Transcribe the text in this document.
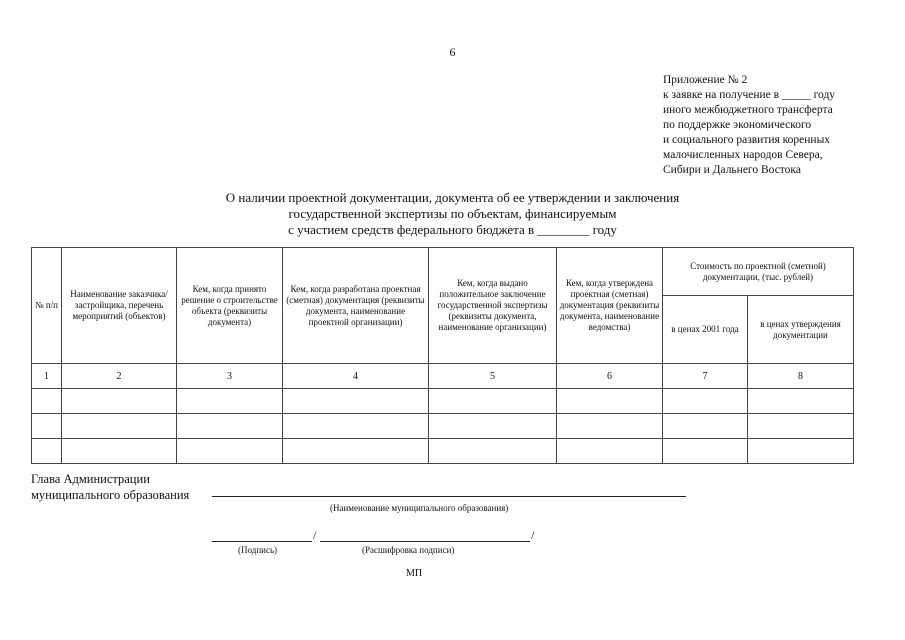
6
Приложение № 2
к заявке на получение в _____ году
иного межбюджетного трансферта
по поддержке экономического
и социального развития коренных
малочисленных народов Севера,
Сибири и Дальнего Востока
О наличии проектной документации, документа об ее утверждении и заключения
государственной экспертизы по объектам, финансируемым
с участием средств федерального бюджета в ________ году
№ п/п	Наименование заказчика/ застройщика, перечень мероприятий (объектов)	Кем, когда принято решение о строительстве объекта (реквизиты документа)	Кем, когда разработана проектная (сметная) документация (реквизиты документа, наименование проектной организации)	Кем, когда выдано положительное заключение государственной экспертизы (реквизиты документа, наименование организации)	Кем, когда утверждена проектная (сметная) документация (реквизиты документа, наименование ведомства)	Стоимость по проектной (сметной) документации, (тыс. рублей)	
						в ценах 2001 года	в ценах утверждения документации
1	2	3	4	5	6	7	8

Глава Администрации
муниципального образования
(Наименование муниципального образования)
/	/
(Подпись)	(Расшифровка подписи)
МП
